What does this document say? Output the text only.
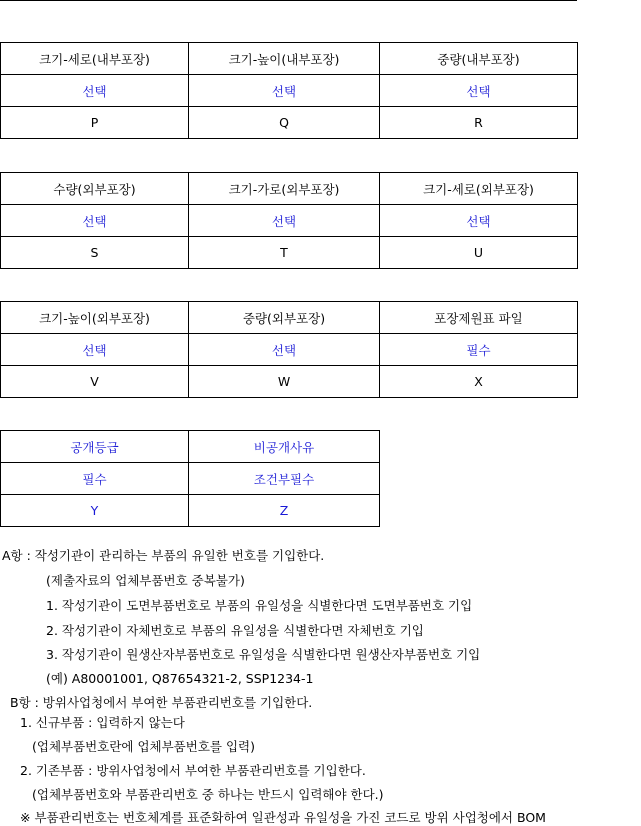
크기-세로(내부포장)	크기-높이(내부포장)	중량(내부포장)
선택	선택	선택
P	Q	R
수량(외부포장)	크기-가로(외부포장)	크기-세로(외부포장)
선택	선택	선택
S	T	U
크기-높이(외부포장)	중량(외부포장)	포장제원표 파일
선택	선택	필수
V	W	X
공개등급	비공개사유
필수	조건부필수
Y	Z
A항 : 작성기관이 관리하는 부품의 유일한 번호를 기입한다.
(제출자료의 업체부품번호 중복불가)
1. 작성기관이 도면부품번호로 부품의 유일성을 식별한다면 도면부품번호 기입
2. 작성기관이 자체번호로 부품의 유일성을 식별한다면 자체번호 기입
3. 작성기관이 원생산자부품번호로 유일성을 식별한다면 원생산자부품번호 기입
(예) A80001001, Q87654321-2, SSP1234-1
B항 : 방위사업청에서 부여한 부품관리번호를 기입한다.
1. 신규부품 : 입력하지 않는다
(업체부품번호란에 업체부품번호를 입력)
2. 기존부품 : 방위사업청에서 부여한 부품관리번호를 기입한다.
(업체부품번호와 부품관리번호 중 하나는 반드시 입력해야 한다.)
※ 부품관리번호는 번호체계를 표준화하여 일관성과 유일성을 가진 코드로 방위 사업청에서 BOM
